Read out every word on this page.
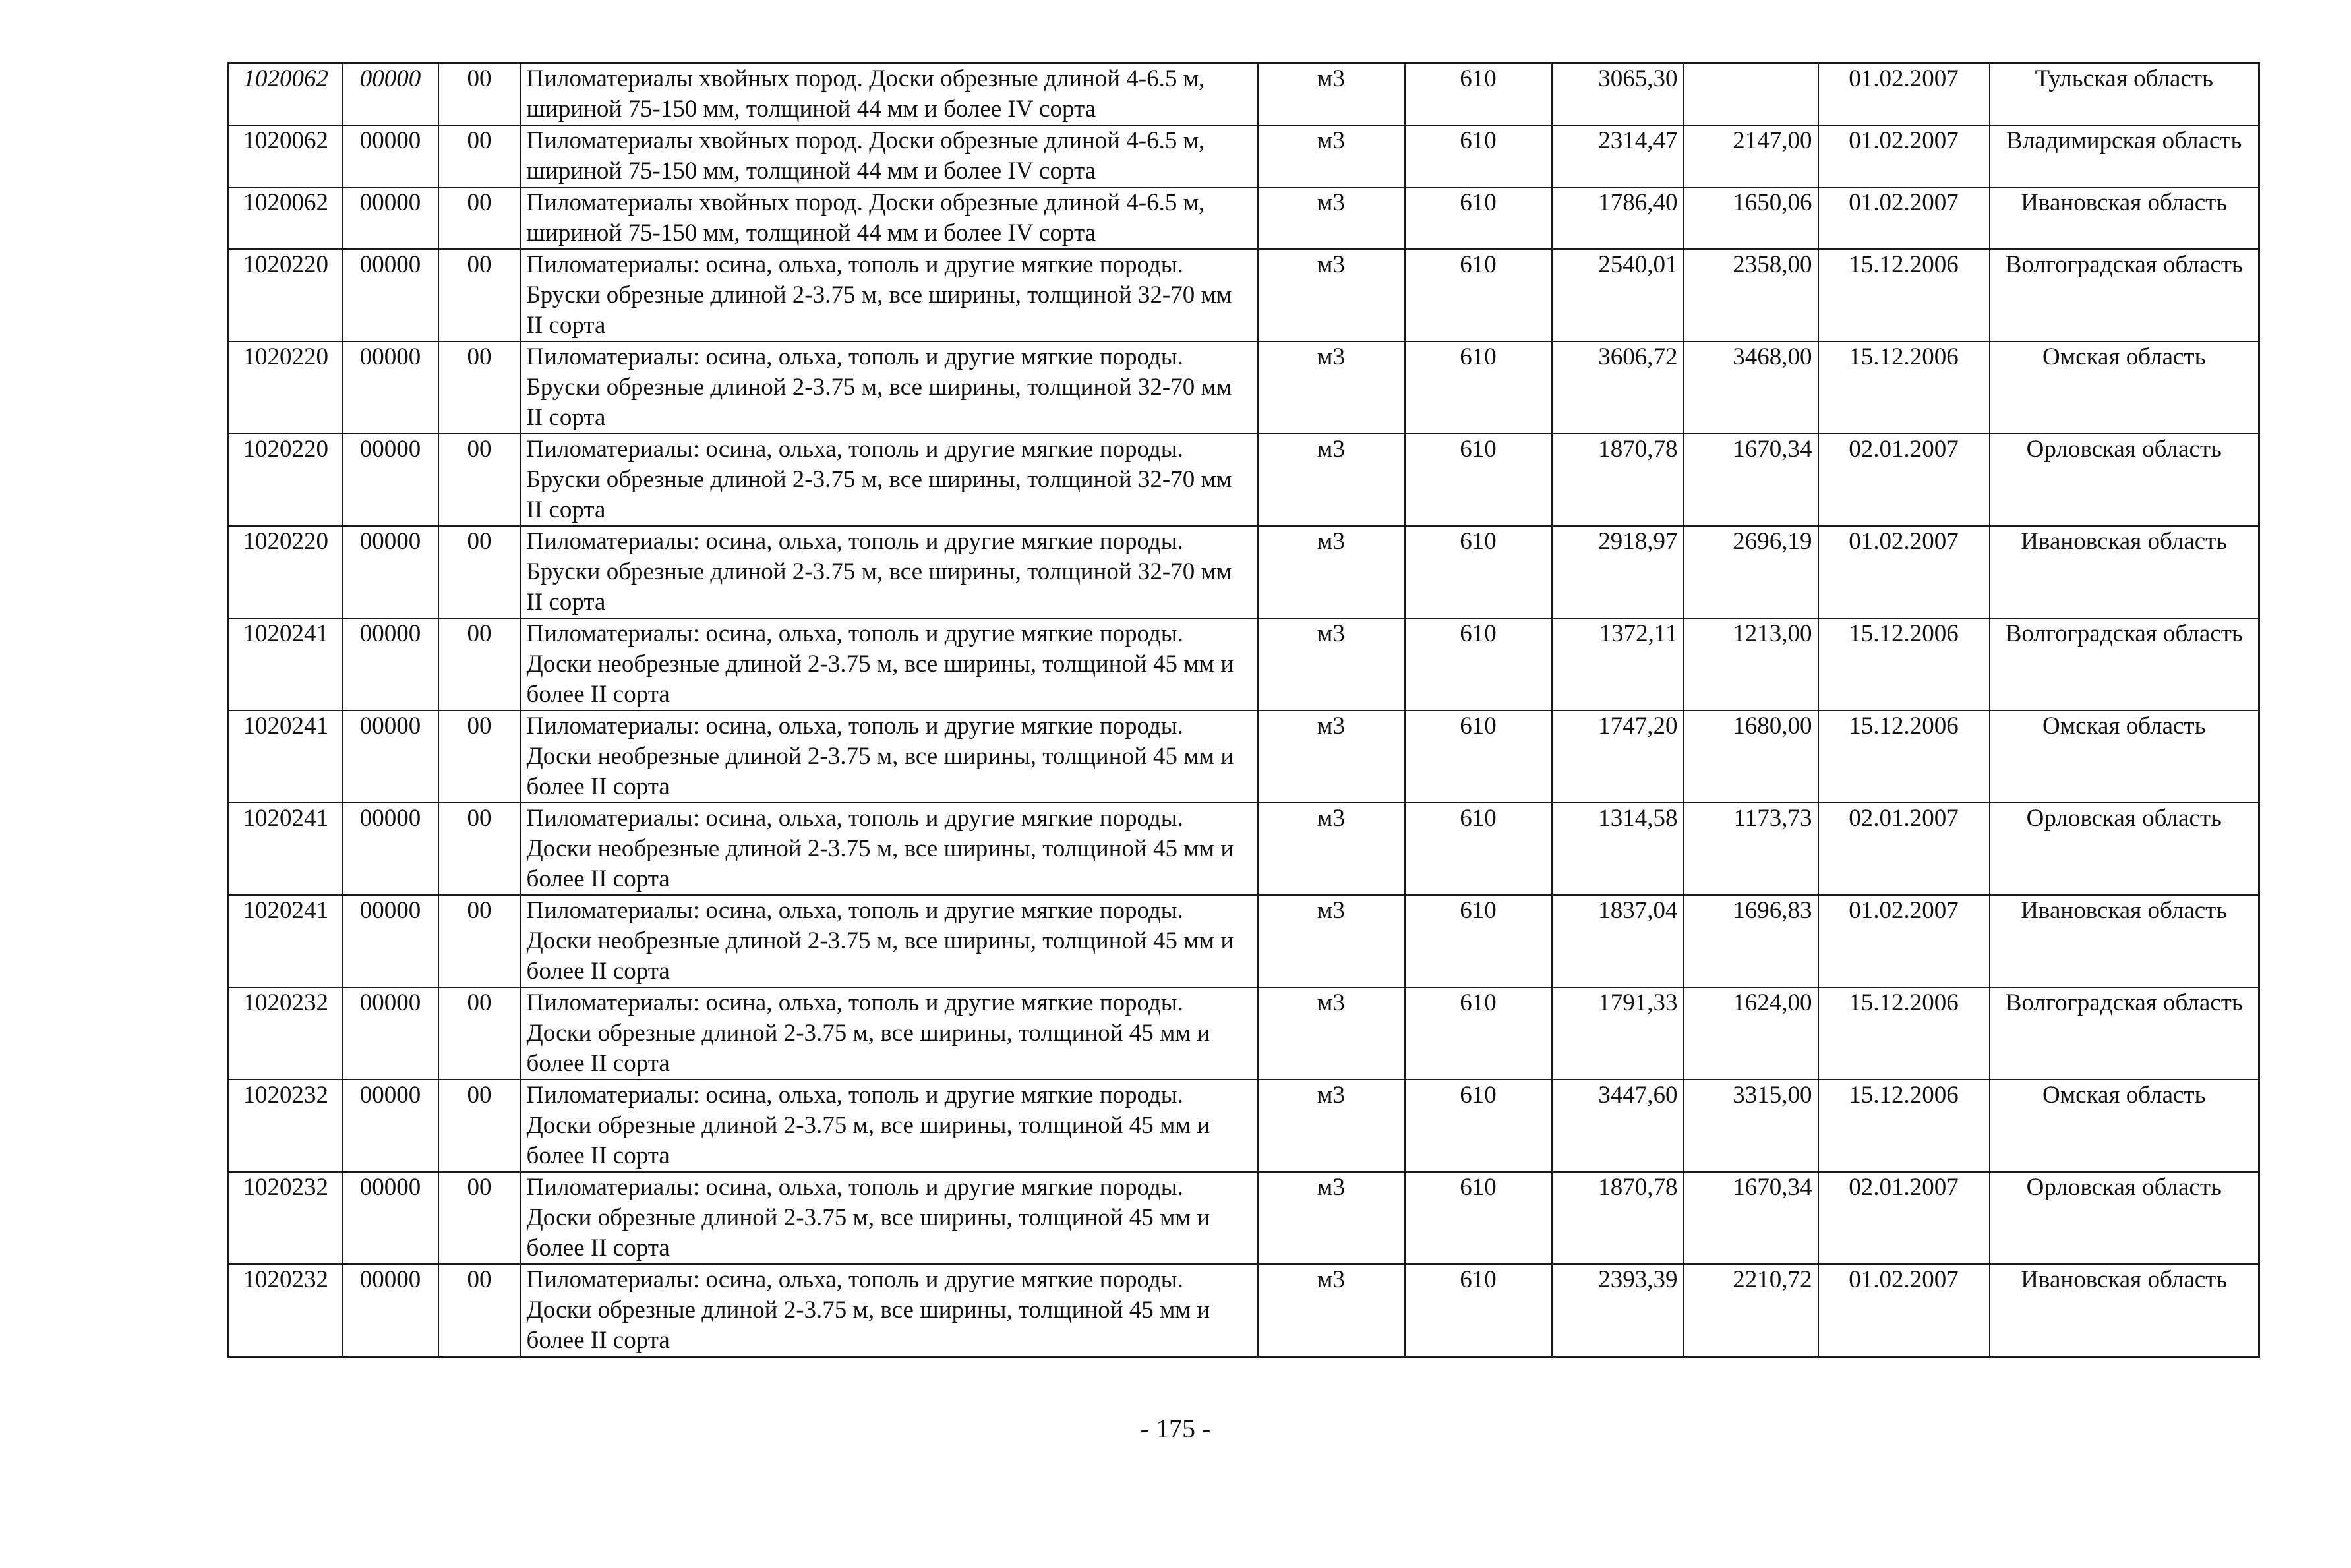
1020062	00000	00	Пиломатериалы хвойных пород. Доски обрезные длиной 4-6.5 м, шириной 75-150 мм, толщиной 44 мм и более IV сорта	м3	610	3065,30		01.02.2007	Тульская область
1020062	00000	00	Пиломатериалы хвойных пород. Доски обрезные длиной 4-6.5 м, шириной 75-150 мм, толщиной 44 мм и более IV сорта	м3	610	2314,47	2147,00	01.02.2007	Владимирская область
1020062	00000	00	Пиломатериалы хвойных пород. Доски обрезные длиной 4-6.5 м, шириной 75-150 мм, толщиной 44 мм и более IV сорта	м3	610	1786,40	1650,06	01.02.2007	Ивановская область
1020220	00000	00	Пиломатериалы: осина, ольха, тополь и другие мягкие породы. Бруски обрезные длиной 2-3.75 м, все ширины, толщиной 32-70 мм II сорта	м3	610	2540,01	2358,00	15.12.2006	Волгоградская область
1020220	00000	00	Пиломатериалы: осина, ольха, тополь и другие мягкие породы. Бруски обрезные длиной 2-3.75 м, все ширины, толщиной 32-70 мм II сорта	м3	610	3606,72	3468,00	15.12.2006	Омская область
1020220	00000	00	Пиломатериалы: осина, ольха, тополь и другие мягкие породы. Бруски обрезные длиной 2-3.75 м, все ширины, толщиной 32-70 мм II сорта	м3	610	1870,78	1670,34	02.01.2007	Орловская область
1020220	00000	00	Пиломатериалы: осина, ольха, тополь и другие мягкие породы. Бруски обрезные длиной 2-3.75 м, все ширины, толщиной 32-70 мм II сорта	м3	610	2918,97	2696,19	01.02.2007	Ивановская область
1020241	00000	00	Пиломатериалы: осина, ольха, тополь и другие мягкие породы. Доски необрезные длиной 2-3.75 м, все ширины, толщиной 45 мм и более II сорта	м3	610	1372,11	1213,00	15.12.2006	Волгоградская область
1020241	00000	00	Пиломатериалы: осина, ольха, тополь и другие мягкие породы. Доски необрезные длиной 2-3.75 м, все ширины, толщиной 45 мм и более II сорта	м3	610	1747,20	1680,00	15.12.2006	Омская область
1020241	00000	00	Пиломатериалы: осина, ольха, тополь и другие мягкие породы. Доски необрезные длиной 2-3.75 м, все ширины, толщиной 45 мм и более II сорта	м3	610	1314,58	1173,73	02.01.2007	Орловская область
1020241	00000	00	Пиломатериалы: осина, ольха, тополь и другие мягкие породы. Доски необрезные длиной 2-3.75 м, все ширины, толщиной 45 мм и более II сорта	м3	610	1837,04	1696,83	01.02.2007	Ивановская область
1020232	00000	00	Пиломатериалы: осина, ольха, тополь и другие мягкие породы. Доски обрезные длиной 2-3.75 м, все ширины, толщиной 45 мм и более II сорта	м3	610	1791,33	1624,00	15.12.2006	Волгоградская область
1020232	00000	00	Пиломатериалы: осина, ольха, тополь и другие мягкие породы. Доски обрезные длиной 2-3.75 м, все ширины, толщиной 45 мм и более II сорта	м3	610	3447,60	3315,00	15.12.2006	Омская область
1020232	00000	00	Пиломатериалы: осина, ольха, тополь и другие мягкие породы. Доски обрезные длиной 2-3.75 м, все ширины, толщиной 45 мм и более II сорта	м3	610	1870,78	1670,34	02.01.2007	Орловская область
1020232	00000	00	Пиломатериалы: осина, ольха, тополь и другие мягкие породы. Доски обрезные длиной 2-3.75 м, все ширины, толщиной 45 мм и более II сорта	м3	610	2393,39	2210,72	01.02.2007	Ивановская область
- 175 -
